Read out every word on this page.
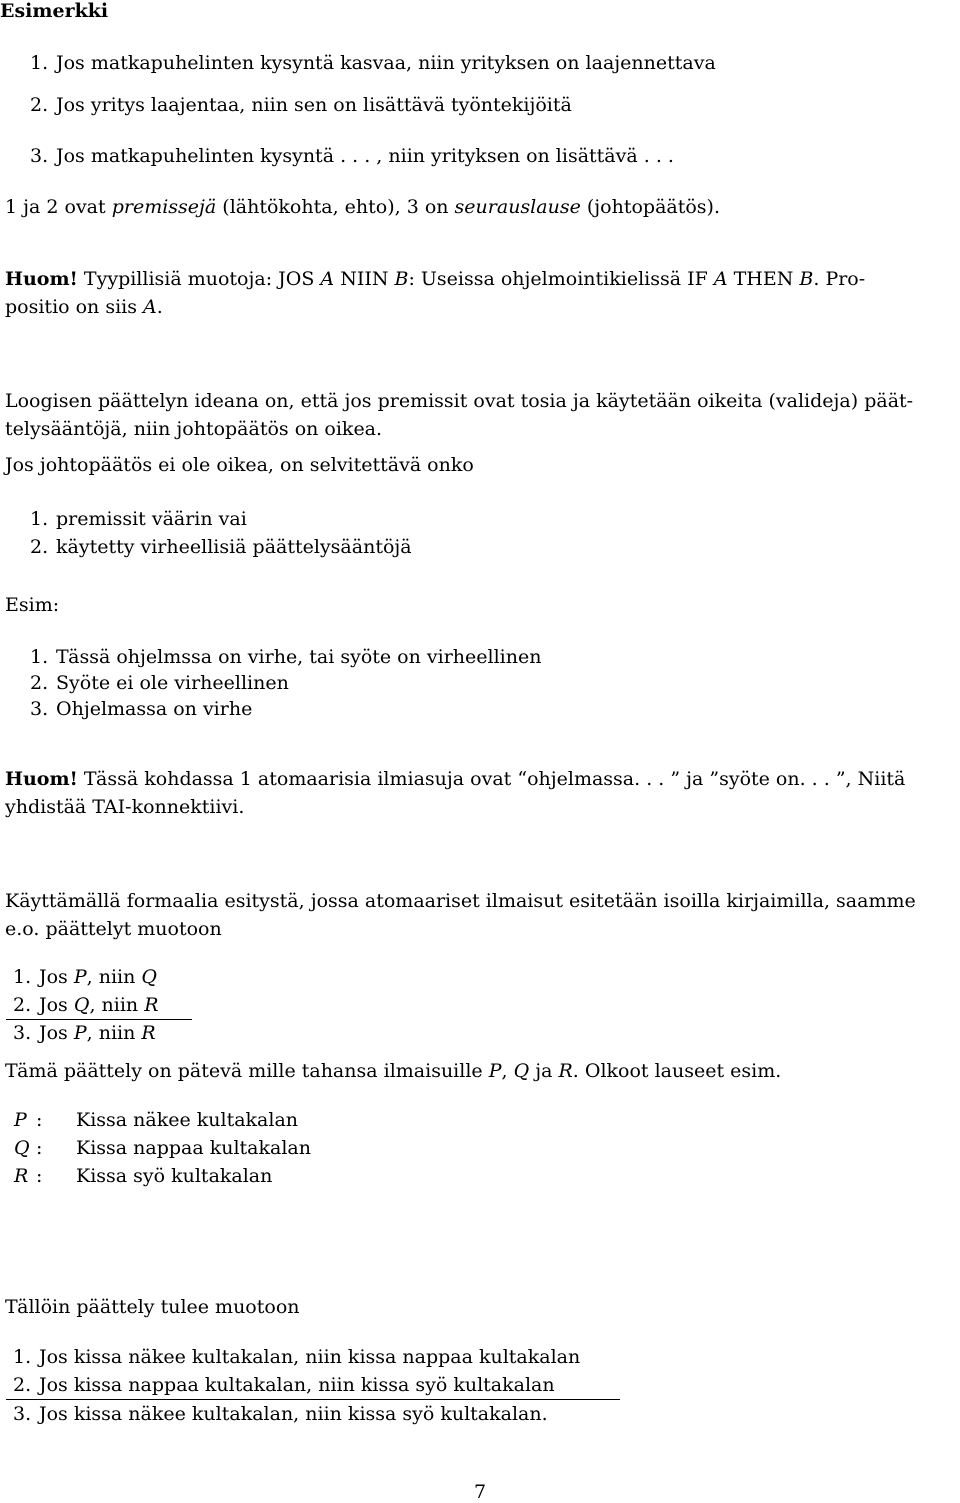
Esimerkki
1. Jos matkapuhelinten kysyntä kasvaa, niin yrityksen on laajennettava
2. Jos yritys laajentaa, niin sen on lisättävä työntekijöitä
3. Jos matkapuhelinten kysyntä . . . , niin yrityksen on lisättävä . . .
1 ja 2 ovat premissejä (lähtökohta, ehto), 3 on seurauslause (johtopäätös).
Huom! Tyypillisiä muotoja: JOS A NIIN B: Useissa ohjelmointikielissä IF A THEN B. Pro-
positio on siis A.
Loogisen päättelyn ideana on, että jos premissit ovat tosia ja käytetään oikeita (valideja) päät-
telysääntöjä, niin johtopäätös on oikea.
Jos johtopäätös ei ole oikea, on selvitettävä onko
1. premissit väärin vai
2. käytetty virheellisiä päättelysääntöjä
Esim:
1. Tässä ohjelmssa on virhe, tai syöte on virheellinen
2. Syöte ei ole virheellinen
3. Ohjelmassa on virhe
Huom! Tässä kohdassa 1 atomaarisia ilmiasuja ovat “ohjelmassa. . . ” ja ”syöte on. . . ”, Niitä
yhdistää TAI-konnektiivi.
Käyttämällä formaalia esitystä, jossa atomaariset ilmaisut esitetään isoilla kirjaimilla, saamme
e.o. päättelyt muotoon
1. Jos P, niin Q
2. Jos Q, niin R
3. Jos P, niin R
Tämä päättely on pätevä mille tahansa ilmaisuille P, Q ja R. Olkoot lauseet esim.
P : Kissa näkee kultakalan
Q : Kissa nappaa kultakalan
R : Kissa syö kultakalan
Tällöin päättely tulee muotoon
1. Jos kissa näkee kultakalan, niin kissa nappaa kultakalan
2. Jos kissa nappaa kultakalan, niin kissa syö kultakalan
3. Jos kissa näkee kultakalan, niin kissa syö kultakalan.
7
